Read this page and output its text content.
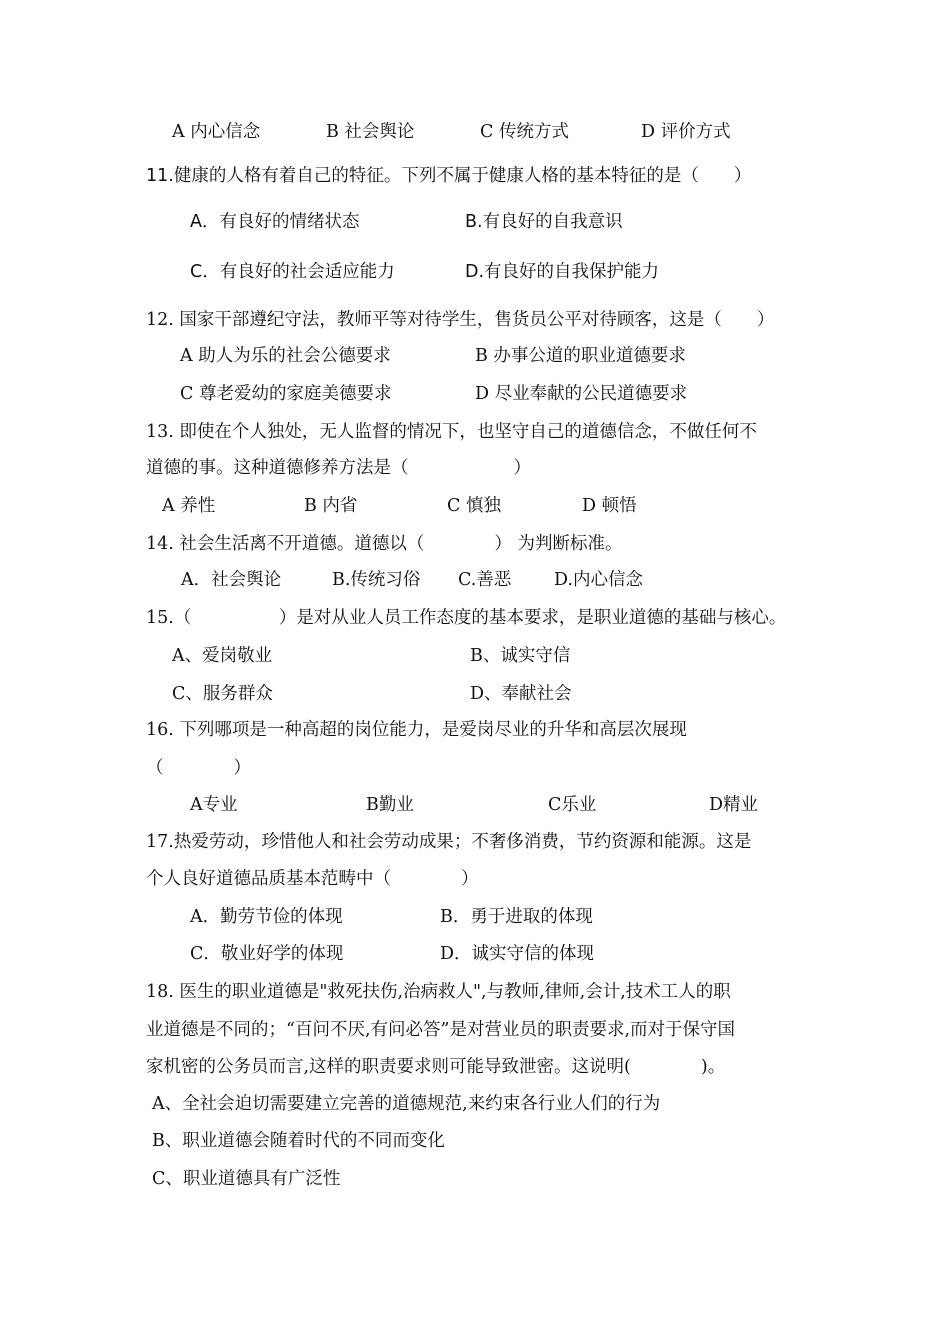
A 内心信念	B 社会舆论	C 传统方式	D 评价方式
11.健康的人格有着自己的特征。下列不属于健康人格的基本特征的是（　　）
A．有良好的情绪状态	B.有良好的自我意识
C．有良好的社会适应能力	D.有良好的自我保护能力
12. 国家干部遵纪守法，教师平等对待学生，售货员公平对待顾客，这是（　　）
A 助人为乐的社会公德要求	B 办事公道的职业道德要求
C 尊老爱幼的家庭美德要求	D 尽业奉献的公民道德要求
13. 即使在个人独处，无人监督的情况下，也坚守自己的道德信念，不做任何不
道德的事。这种道德修养方法是（　　　　　　）
A 养性	B 内省	C 慎独	D 顿悟
14. 社会生活离不开道德。道德以（　　　　） 为判断标准。
A．社会舆论	B.传统习俗 C.善恶 D.内心信念
15.（　　　　　）是对从业人员工作态度的基本要求，是职业道德的基础与核心。
A、爱岗敬业	B、诚实守信
C、服务群众	D、奉献社会
16. 下列哪项是一种高超的岗位能力，是爱岗尽业的升华和高层次展现
（　　　　）
A专业	B勤业	C乐业	D精业
17.热爱劳动，珍惜他人和社会劳动成果；不奢侈消费，节约资源和能源。这是
个人良好道德品质基本范畴中（　　　　）
A．勤劳节俭的体现	B．勇于进取的体现
C．敬业好学的体现	D．诚实守信的体现
18. 医生的职业道德是"救死扶伤,治病救人",与教师,律师,会计,技术工人的职
业道德是不同的；“百问不厌,有问必答”是对营业员的职责要求,而对于保守国
家机密的公务员而言,这样的职责要求则可能导致泄密。这说明(　　　　)。
A、全社会迫切需要建立完善的道德规范,来约束各行业人们的行为
B、职业道德会随着时代的不同而变化
C、职业道德具有广泛性
